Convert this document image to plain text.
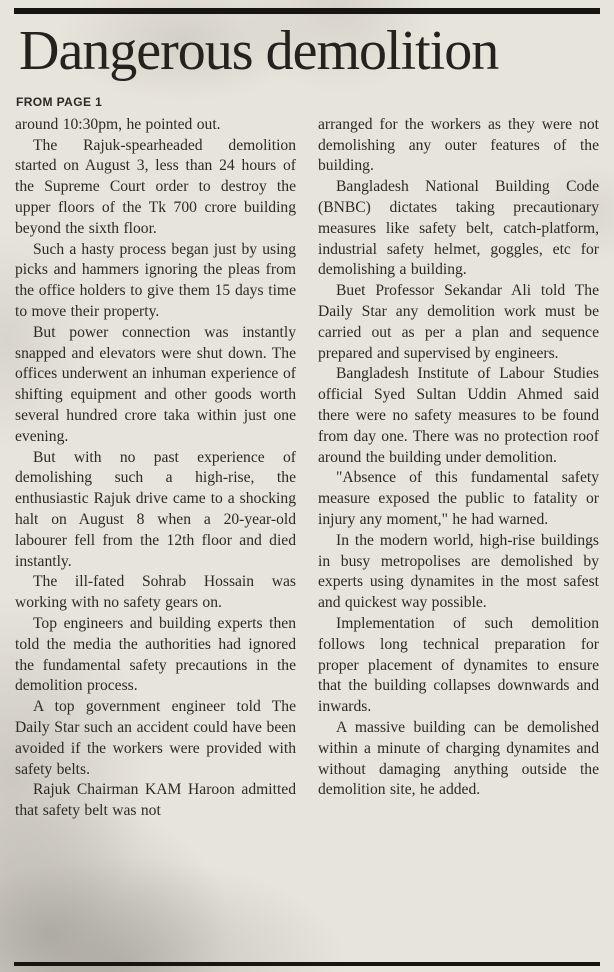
Dangerous demolition
FROM PAGE 1

around 10:30pm, he pointed out.

The Rajuk-spearheaded demolition started on August 3, less than 24 hours of the Supreme Court order to destroy the upper floors of the Tk 700 crore building beyond the sixth floor.

Such a hasty process began just by using picks and hammers ignoring the pleas from the office holders to give them 15 days time to move their property.

But power connection was instantly snapped and elevators were shut down. The offices underwent an inhuman experience of shifting equipment and other goods worth several hundred crore taka within just one evening.

But with no past experience of demolishing such a high-rise, the enthusiastic Rajuk drive came to a shocking halt on August 8 when a 20-year-old labourer fell from the 12th floor and died instantly.

The ill-fated Sohrab Hossain was working with no safety gears on.

Top engineers and building experts then told the media the authorities had ignored the fundamental safety precautions in the demolition process.

A top government engineer told The Daily Star such an accident could have been avoided if the workers were provided with safety belts.

Rajuk Chairman KAM Haroon admitted that safety belt was not

arranged for the workers as they were not demolishing any outer features of the building.

Bangladesh National Building Code (BNBC) dictates taking precautionary measures like safety belt, catch-platform, industrial safety helmet, goggles, etc for demolishing a building.

Buet Professor Sekandar Ali told The Daily Star any demolition work must be carried out as per a plan and sequence prepared and supervised by engineers.

Bangladesh Institute of Labour Studies official Syed Sultan Uddin Ahmed said there were no safety measures to be found from day one. There was no protection roof around the building under demolition.

"Absence of this fundamental safety measure exposed the public to fatality or injury any moment," he had warned.

In the modern world, high-rise buildings in busy metropolises are demolished by experts using dynamites in the most safest and quickest way possible.

Implementation of such demolition follows long technical preparation for proper placement of dynamites to ensure that the building collapses downwards and inwards.

A massive building can be demolished within a minute of charging dynamites and without damaging anything outside the demolition site, he added.
